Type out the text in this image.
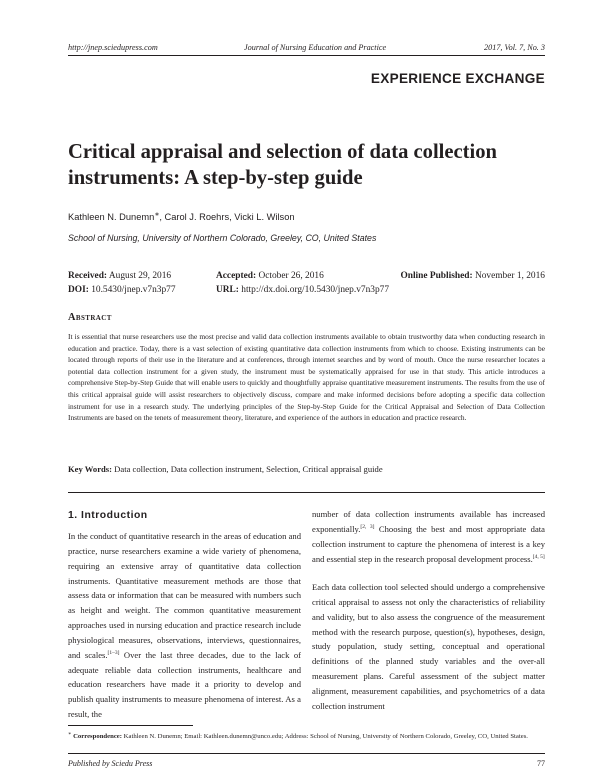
http://jnep.sciedupress.com	Journal of Nursing Education and Practice	2017, Vol. 7, No. 3
EXPERIENCE EXCHANGE
Critical appraisal and selection of data collection instruments: A step-by-step guide
Kathleen N. Dunemn∗, Carol J. Roehrs, Vicki L. Wilson
School of Nursing, University of Northern Colorado, Greeley, CO, United States
Received: August 29, 2016	Accepted: October 26, 2016	Online Published: November 1, 2016
DOI: 10.5430/jnep.v7n3p77	URL: http://dx.doi.org/10.5430/jnep.v7n3p77
Abstract

It is essential that nurse researchers use the most precise and valid data collection instruments available to obtain trustworthy data when conducting research in education and practice. Today, there is a vast selection of existing quantitative data collection instruments from which to choose. Existing instruments can be located through reports of their use in the literature and at conferences, through internet searches and by word of mouth. Once the nurse researcher locates a potential data collection instrument for a given study, the instrument must be systematically appraised for use in that study. This article introduces a comprehensive Step-by-Step Guide that will enable users to quickly and thoughtfully appraise quantitative measurement instruments. The results from the use of this critical appraisal guide will assist researchers to objectively discuss, compare and make informed decisions before adopting a specific data collection instrument for use in a research study. The underlying principles of the Step-by-Step Guide for the Critical Appraisal and Selection of Data Collection Instruments are based on the tenets of measurement theory, literature, and experience of the authors in education and practice research.

Key Words: Data collection, Data collection instrument, Selection, Critical appraisal guide
1. Introduction

In the conduct of quantitative research in the areas of education and practice, nurse researchers examine a wide variety of phenomena, requiring an extensive array of quantitative data collection instruments. Quantitative measurement methods are those that assess data or information that can be measured with numbers such as height and weight. The common quantitative measurement approaches used in nursing education and practice research include physiological measures, observations, interviews, questionnaires, and scales.[1–3] Over the last three decades, due to the lack of adequate reliable data collection instruments, healthcare and education researchers have made it a priority to develop and publish quality instruments to measure phenomena of interest. As a result, the

number of data collection instruments available has increased exponentially.[2, 3] Choosing the best and most appropriate data collection instrument to capture the phenomena of interest is a key and essential step in the research proposal development process.[4, 5]

Each data collection tool selected should undergo a comprehensive critical appraisal to assess not only the characteristics of reliability and validity, but to also assess the congruence of the measurement method with the research purpose, question(s), hypotheses, design, study population, study setting, conceptual and operational definitions of the planned study variables and the over-all measurement plans. Careful assessment of the subject matter alignment, measurement capabilities, and psychometrics of a data collection instrument

∗ Correspondence: Kathleen N. Dunemn; Email: Kathleen.dunemn@unco.edu; Address: School of Nursing, University of Northern Colorado, Greeley, CO, United States.

Published by Sciedu Press	77
